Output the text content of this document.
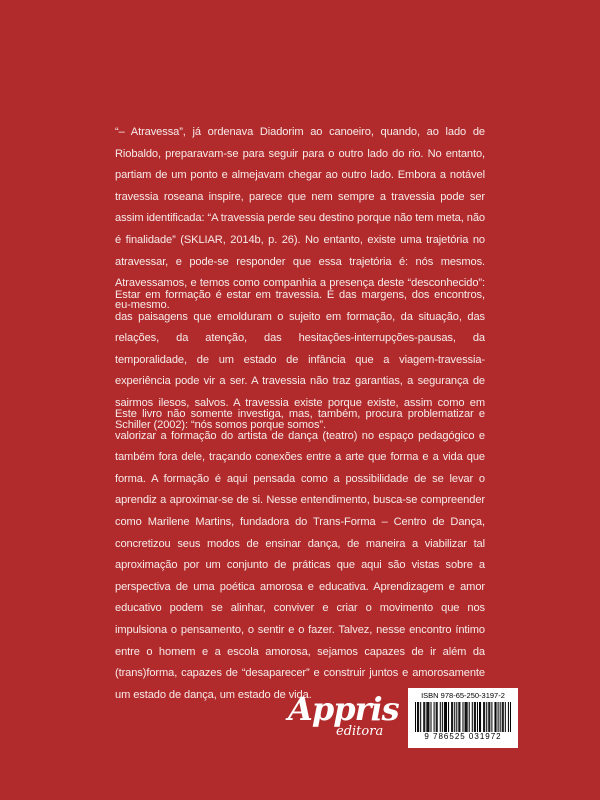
“– Atravessa”, já ordenava Diadorim ao canoeiro, quando, ao lado de Riobaldo, preparavam-se para seguir para o outro lado do rio. No entanto, partiam de um ponto e almejavam chegar ao outro lado. Embora a notável travessia roseana inspire, parece que nem sempre a travessia pode ser assim identificada: “A travessia perde seu destino porque não tem meta, não é finalidade” (SKLIAR, 2014b, p. 26). No entanto, existe uma trajetória no atravessar, e pode-se responder que essa trajetória é: nós mesmos. Atravessamos, e temos como companhia a presença deste “desconhecido”: eu-mesmo.

Estar em formação é estar em travessia. É das margens, dos encontros, das paisagens que emolduram o sujeito em formação, da situação, das relações, da atenção, das hesitações-interrupções-pausas, da temporalidade, de um estado de infância que a viagem-travessia-experiência pode vir a ser. A travessia não traz garantias, a segurança de sairmos ilesos, salvos. A travessia existe porque existe, assim como em Schiller (2002): “nós somos porque somos”.

Este livro não somente investiga, mas, também, procura problematizar e valorizar a formação do artista de dança (teatro) no espaço pedagógico e também fora dele, traçando conexões entre a arte que forma e a vida que forma. A formação é aqui pensada como a possibilidade de se levar o aprendiz a aproximar-se de si. Nesse entendimento, busca-se compreender como Marilene Martins, fundadora do Trans-Forma – Centro de Dança, concretizou seus modos de ensinar dança, de maneira a viabilizar tal aproximação por um conjunto de práticas que aqui são vistas sobre a perspectiva de uma poética amorosa e educativa. Aprendizagem e amor educativo podem se alinhar, conviver e criar o movimento que nos impulsiona o pensamento, o sentir e o fazer. Talvez, nesse encontro íntimo entre o homem e a escola amorosa, sejamos capazes de ir além da (trans)forma, capazes de “desaparecer” e construir juntos e amorosamente um estado de dança, um estado de vida.

Appris
editora
ISBN 978-65-250-3197-2
9 786525 031972
